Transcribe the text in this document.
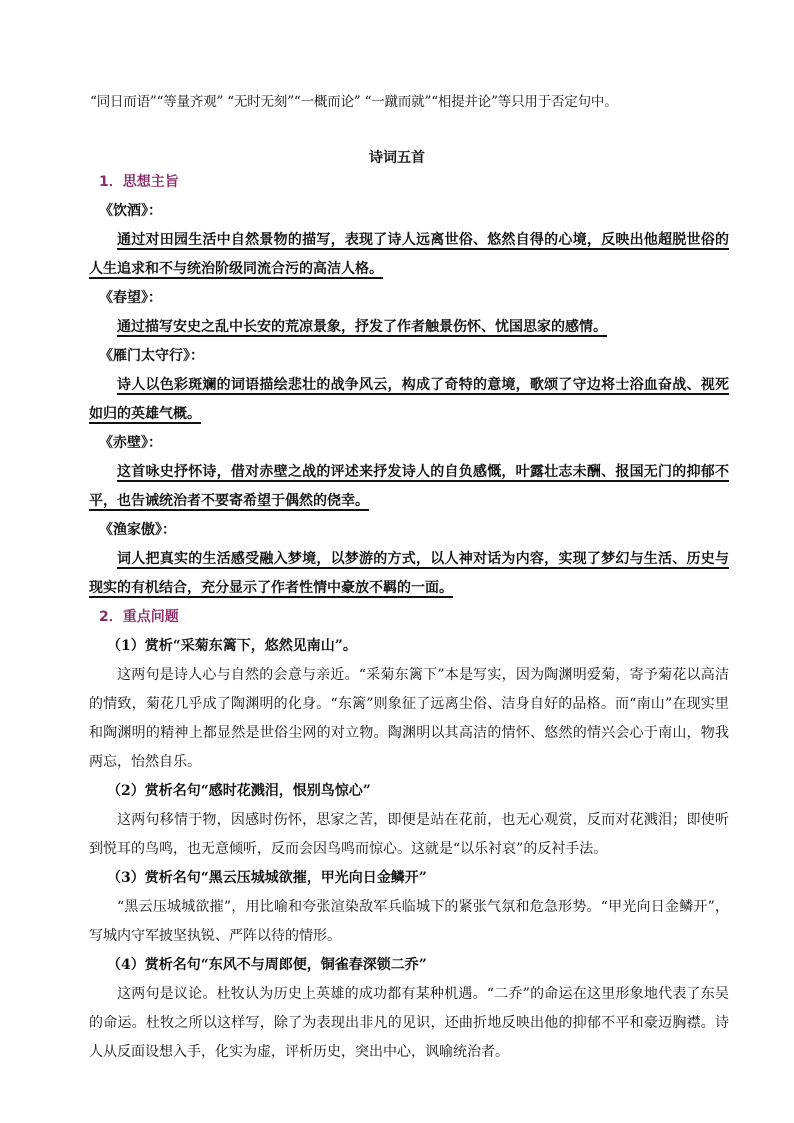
“同日而语”“等量齐观” “无时无刻”“一概而论” “一蹴而就”“相提并论”等只用于否定句中。
诗词五首
1．思想主旨
《饮酒》：
通过对田园生活中自然景物的描写，表现了诗人远离世俗、悠然自得的心境，反映出他超脱世俗的人生追求和不与统治阶级同流合污的高洁人格。
《春望》：
通过描写安史之乱中长安的荒凉景象，抒发了作者触景伤怀、忧国思家的感情。
《雁门太守行》：
诗人以色彩斑斓的词语描绘悲壮的战争风云，构成了奇特的意境，歌颂了守边将士浴血奋战、视死如归的英雄气概。
《赤壁》：
这首咏史抒怀诗，借对赤壁之战的评述来抒发诗人的自负感慨，叶露壮志未酬、报国无门的抑郁不平，也告诫统治者不要寄希望于偶然的侥幸。
《渔家傲》：
词人把真实的生活感受融入梦境，以梦游的方式，以人神对话为内容，实现了梦幻与生活、历史与现实的有机结合，充分显示了作者性情中豪放不羁的一面。
2．重点问题
（1）赏析“采菊东篱下，悠然见南山”。
这两句是诗人心与自然的会意与亲近。“采菊东篱下”本是写实，因为陶渊明爱菊，寄予菊花以高洁的情致，菊花几乎成了陶渊明的化身。“东篱”则象征了远离尘俗、洁身自好的品格。而“南山”在现实里和陶渊明的精神上都显然是世俗尘网的对立物。陶渊明以其高洁的情怀、悠然的情兴会心于南山，物我两忘，怡然自乐。
（2）赏析名句“感时花溅泪，恨别鸟惊心”
这两句移情于物，因感时伤怀，思家之苦，即便是站在花前，也无心观赏，反而对花溅泪；即使听到悦耳的鸟鸣，也无意倾听，反而会因鸟鸣而惊心。这就是“以乐衬哀”的反衬手法。
（3）赏析名句“黑云压城城欲摧，甲光向日金鳞开”
“黑云压城城欲摧”，用比喻和夸张渲染敌军兵临城下的紧张气氛和危急形势。“甲光向日金鳞开”，写城内守军披坚执锐、严阵以待的情形。
（4）赏析名句“东风不与周郎便，铜雀春深锁二乔”
这两句是议论。杜牧认为历史上英雄的成功都有某种机遇。“二乔”的命运在这里形象地代表了东吴的命运。杜牧之所以这样写，除了为表现出非凡的见识，还曲折地反映出他的抑郁不平和豪迈胸襟。诗人从反面设想入手，化实为虚，评析历史，突出中心，讽喻统治者。
